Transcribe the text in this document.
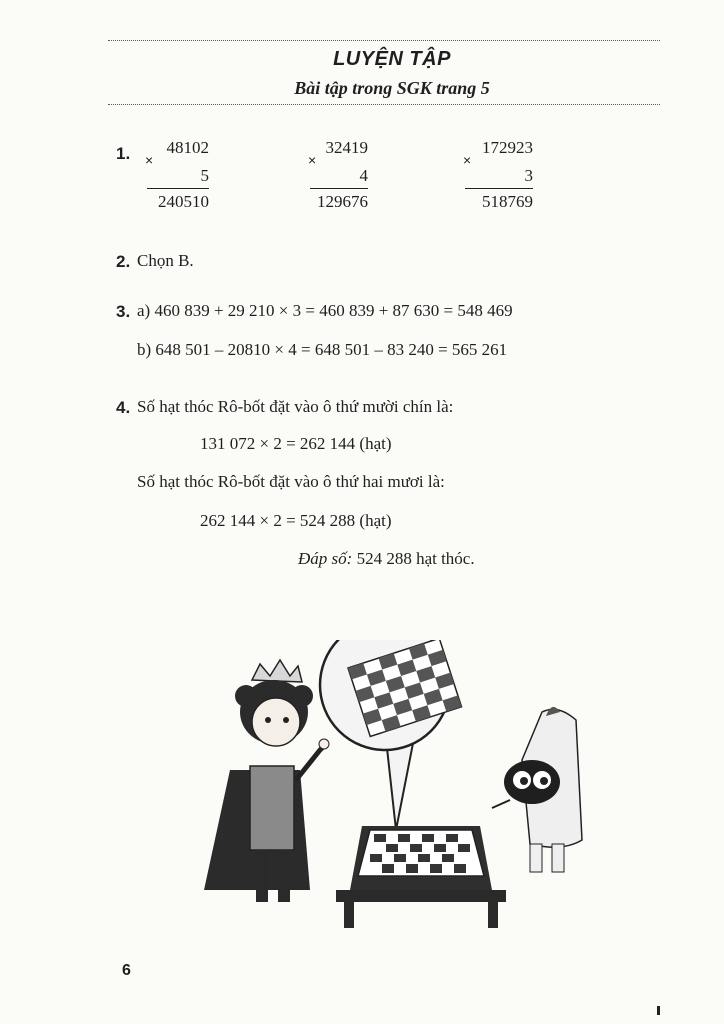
LUYỆN TẬP
Bài tập trong SGK trang 5
1. 48102
×
5
240510
32419
×
4
129676
172923
×
3
518769
2. Chọn B.
3. a) 460 839 + 29 210 × 3 = 460 839 + 87 630 = 548 469
b) 648 501 – 20810 × 4 = 648 501 – 83 240 = 565 261
4. Số hạt thóc Rô-bốt đặt vào ô thứ mười chín là:
131 072 × 2 = 262 144 (hạt)
Số hạt thóc Rô-bốt đặt vào ô thứ hai mươi là:
262 144 × 2 = 524 288 (hạt)
Đáp số: 524 288 hạt thóc.
6
